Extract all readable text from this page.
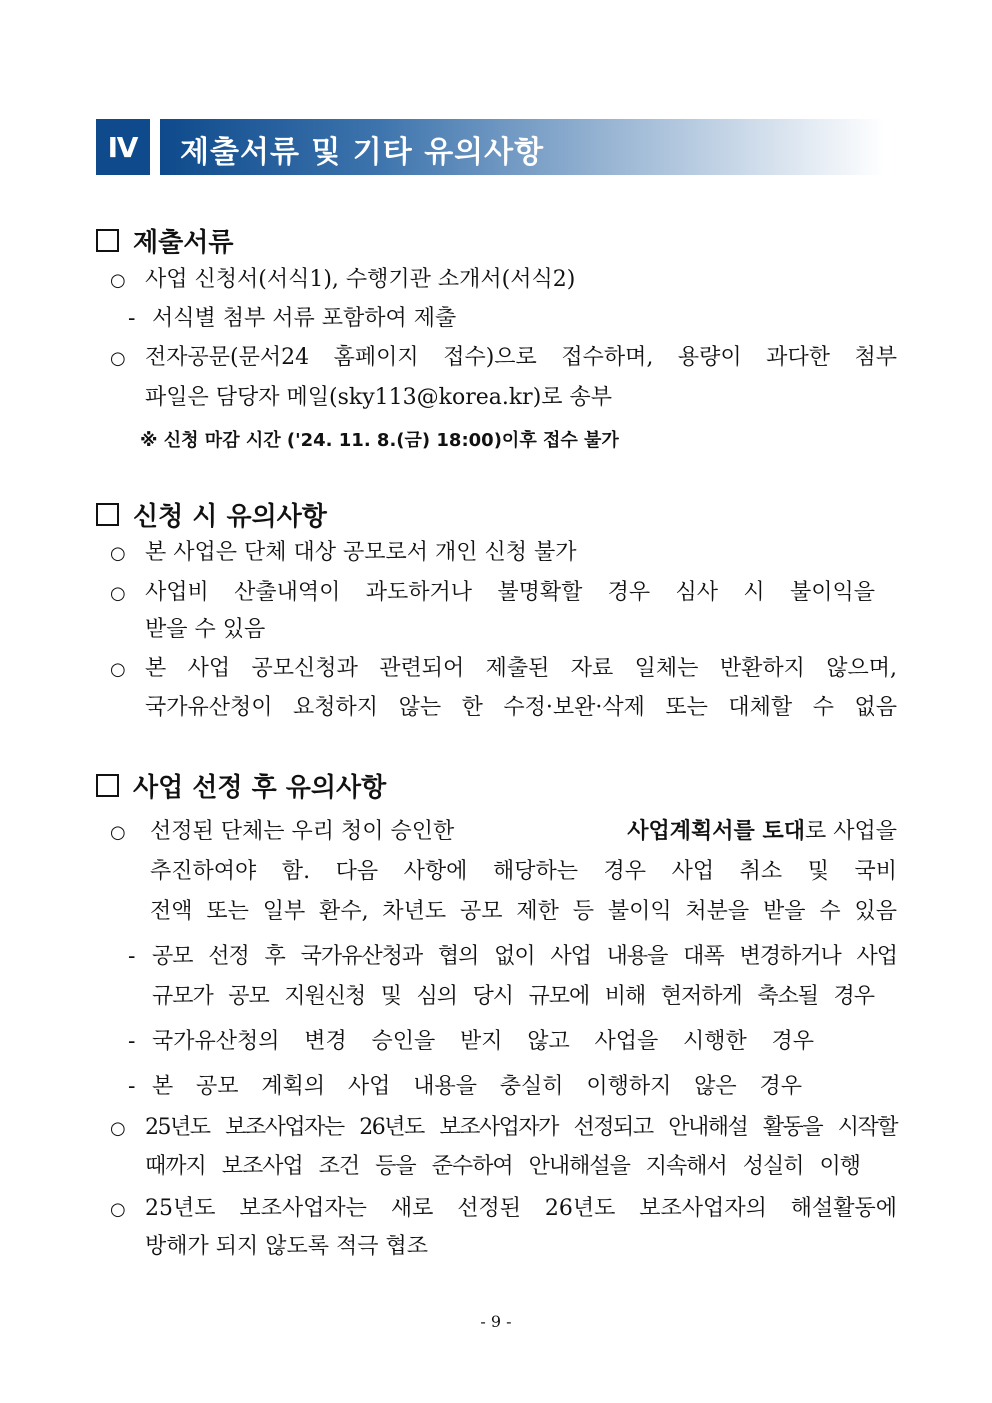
Ⅳ	제출서류 및 기타 유의사항
제출서류
○ 사업 신청서(서식1), 수행기관 소개서(서식2)
- 서식별 첨부 서류 포함하여 제출
○ 전자공문(문서24 홈페이지 접수)으로 접수하며, 용량이 과다한 첨부
파일은 담당자 메일(sky113@korea.kr)로 송부
※ 신청 마감 시간 ('24. 11. 8.(금) 18:00)이후 접수 불가
신청 시 유의사항
○ 본 사업은 단체 대상 공모로서 개인 신청 불가
○ 사업비 산출내역이 과도하거나 불명확할 경우 심사 시 불이익을
받을 수 있음
○ 본 사업 공모신청과 관련되어 제출된 자료 일체는 반환하지 않으며,
국가유산청이 요청하지 않는 한 수정·보완·삭제 또는 대체할 수 없음
사업 선정 후 유의사항
○ 선정된 단체는 우리 청이 승인한	사업계획서를 토대로 사업을
추진하여야 함. 다음 사항에 해당하는 경우 사업 취소 및 국비
전액 또는 일부 환수, 차년도 공모 제한 등 불이익 처분을 받을 수 있음
- 공모 선정 후 국가유산청과 협의 없이 사업 내용을 대폭 변경하거나 사업
규모가 공모 지원신청 및 심의 당시 규모에 비해 현저하게 축소될 경우
- 국가유산청의 변경 승인을 받지 않고 사업을 시행한 경우
- 본 공모 계획의 사업 내용을 충실히 이행하지 않은 경우
○ 25년도 보조사업자는 26년도 보조사업자가 선정되고 안내해설 활동을 시작할
때까지 보조사업 조건 등을 준수하여 안내해설을 지속해서 성실히 이행
○ 25년도 보조사업자는 새로 선정된 26년도 보조사업자의 해설활동에
방해가 되지 않도록 적극 협조
- 9 -
